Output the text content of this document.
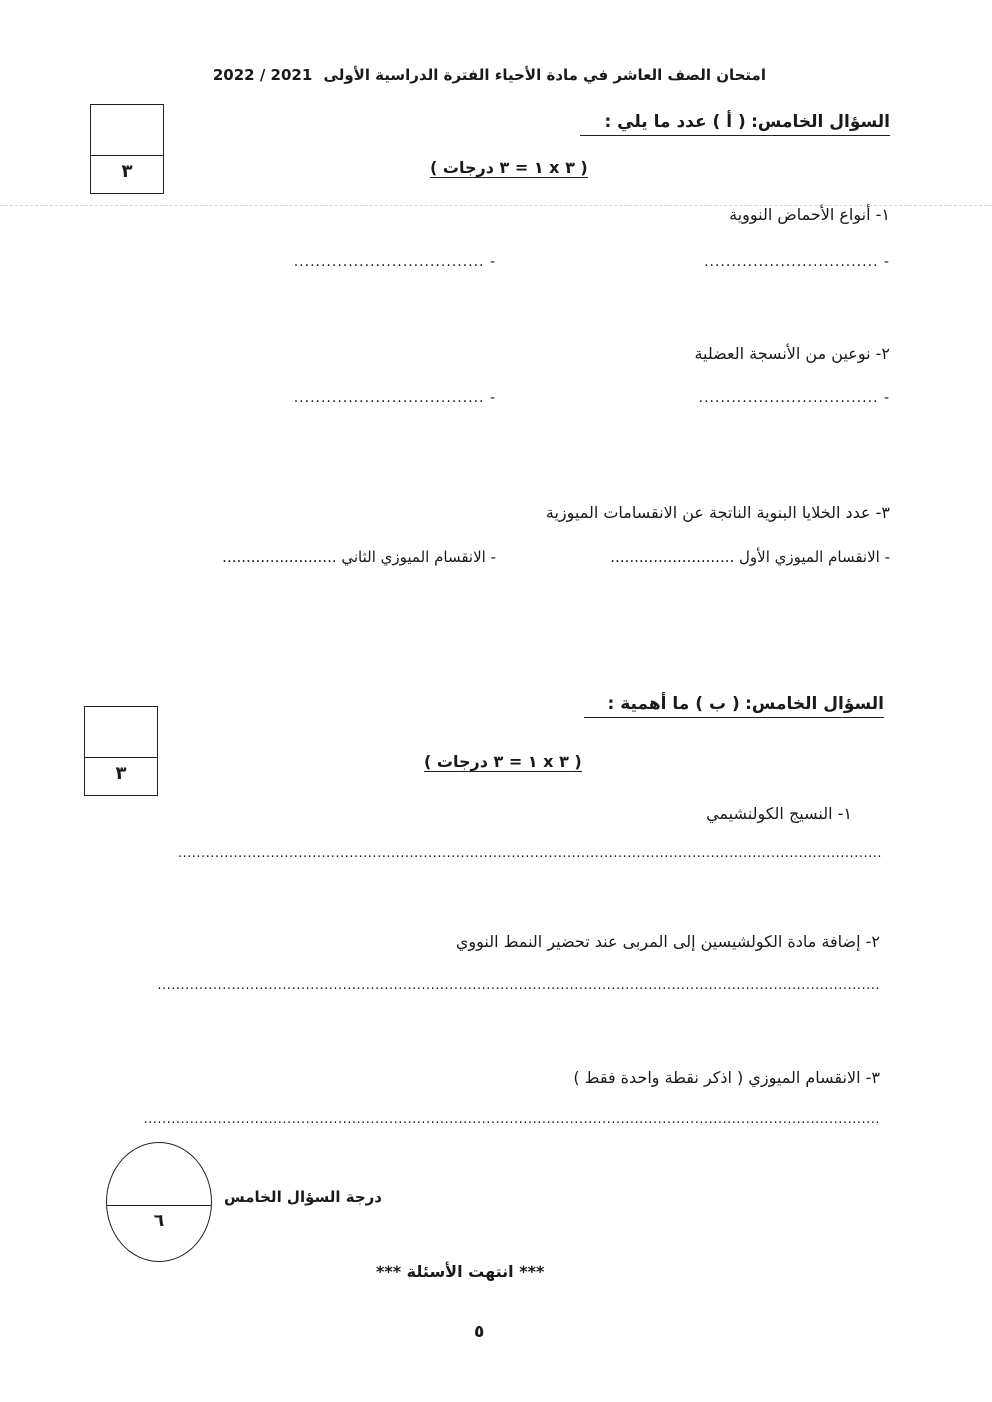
امتحان الصف العاشر في مادة الأحياء الفترة الدراسية الأولى 2021 / 2022
٣
السؤال الخامس: ( أ ) عدد ما يلي :
( ٣ x ١ = ٣ درجات )
١- أنواع الأحماض النووية
- ................................
- ...................................
٢- نوعين من الأنسجة العضلية
- .................................
- ...................................
٣- عدد الخلايا البنوية الناتجة عن الانقسامات الميوزية
- الانقسام الميوزي الأول ..........................
- الانقسام الميوزي الثاني ........................
٣
السؤال الخامس: ( ب ) ما أهمية :
( ٣ x ١ = ٣ درجات )
١- النسيج الكولنشيمي
........................................................................................................................................................
٢- إضافة مادة الكولشيسين إلى المربى عند تحضير النمط النووي
............................................................................................................................................................
٣- الانقسام الميوزي ( اذكر نقطة واحدة فقط )
...............................................................................................................................................................
٦
درجة السؤال الخامس
*** انتهت الأسئلة ***
٥
